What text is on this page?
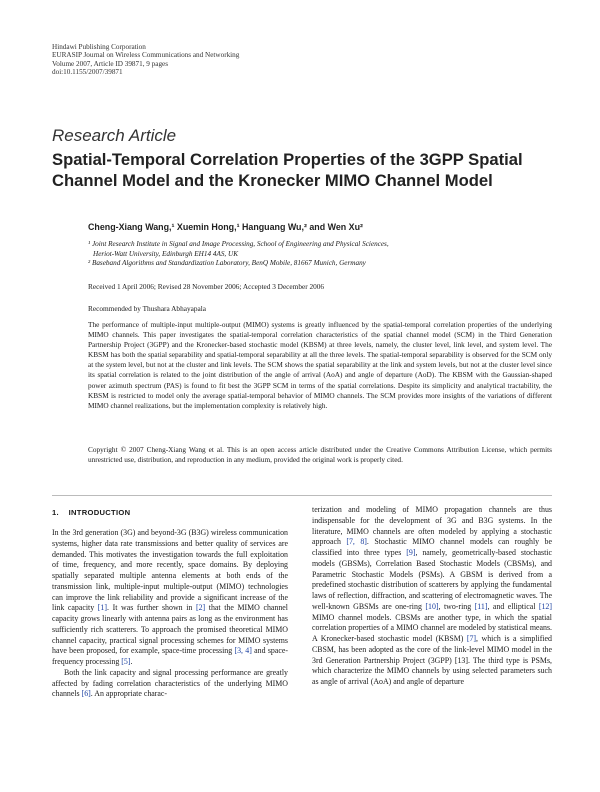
Hindawi Publishing Corporation
EURASIP Journal on Wireless Communications and Networking
Volume 2007, Article ID 39871, 9 pages
doi:10.1155/2007/39871
Research Article
Spatial-Temporal Correlation Properties of the 3GPP Spatial Channel Model and the Kronecker MIMO Channel Model
Cheng-Xiang Wang,¹ Xuemin Hong,¹ Hanguang Wu,² and Wen Xu²
¹ Joint Research Institute in Signal and Image Processing, School of Engineering and Physical Sciences,
Heriot-Watt University, Edinburgh EH14 4AS, UK
² Baseband Algorithms and Standardization Laboratory, BenQ Mobile, 81667 Munich, Germany
Received 1 April 2006; Revised 28 November 2006; Accepted 3 December 2006
Recommended by Thushara Abhayapala
The performance of multiple-input multiple-output (MIMO) systems is greatly influenced by the spatial-temporal correlation properties of the underlying MIMO channels. This paper investigates the spatial-temporal correlation characteristics of the spatial channel model (SCM) in the Third Generation Partnership Project (3GPP) and the Kronecker-based stochastic model (KBSM) at three levels, namely, the cluster level, link level, and system level. The KBSM has both the spatial separability and spatial-temporal separability at all the three levels. The spatial-temporal separability is observed for the SCM only at the system level, but not at the cluster and link levels. The SCM shows the spatial separability at the link and system levels, but not at the cluster level since its spatial correlation is related to the joint distribution of the angle of arrival (AoA) and angle of departure (AoD). The KBSM with the Gaussian-shaped power azimuth spectrum (PAS) is found to fit best the 3GPP SCM in terms of the spatial correlations. Despite its simplicity and analytical tractability, the KBSM is restricted to model only the average spatial-temporal behavior of MIMO channels. The SCM provides more insights of the variations of different MIMO channel realizations, but the implementation complexity is relatively high.
Copyright © 2007 Cheng-Xiang Wang et al. This is an open access article distributed under the Creative Commons Attribution License, which permits unrestricted use, distribution, and reproduction in any medium, provided the original work is properly cited.
1. INTRODUCTION

In the 3rd generation (3G) and beyond-3G (B3G) wireless communication systems, higher data rate transmissions and better quality of services are demanded. This motivates the investigation towards the full exploitation of time, frequency, and more recently, space domains. By deploying spatially separated multiple antenna elements at both ends of the transmission link, multiple-input multiple-output (MIMO) technologies can improve the link reliability and provide a significant increase of the link capacity [1]. It was further shown in [2] that the MIMO channel capacity grows linearly with antenna pairs as long as the environment has sufficiently rich scatterers. To approach the promised theoretical MIMO channel capacity, practical signal processing schemes for MIMO systems have been proposed, for example, space-time processing [3, 4] and space-frequency processing [5].

Both the link capacity and signal processing performance are greatly affected by fading correlation characteristics of the underlying MIMO channels [6]. An appropriate charac-

terization and modeling of MIMO propagation channels are thus indispensable for the development of 3G and B3G systems. In the literature, MIMO channels are often modeled by applying a stochastic approach [7, 8]. Stochastic MIMO channel models can roughly be classified into three types [9], namely, geometrically-based stochastic models (GBSMs), Correlation Based Stochastic Models (CBSMs), and Parametric Stochastic Models (PSMs). A GBSM is derived from a predefined stochastic distribution of scatterers by applying the fundamental laws of reflection, diffraction, and scattering of electromagnetic waves. The well-known GBSMs are one-ring [10], two-ring [11], and elliptical [12] MIMO channel models. CBSMs are another type, in which the spatial correlation properties of a MIMO channel are modeled by statistical means. A Kronecker-based stochastic model (KBSM) [7], which is a simplified CBSM, has been adopted as the core of the link-level MIMO model in the 3rd Generation Partnership Project (3GPP) [13]. The third type is PSMs, which characterize the MIMO channels by using selected parameters such as angle of arrival (AoA) and angle of departure
